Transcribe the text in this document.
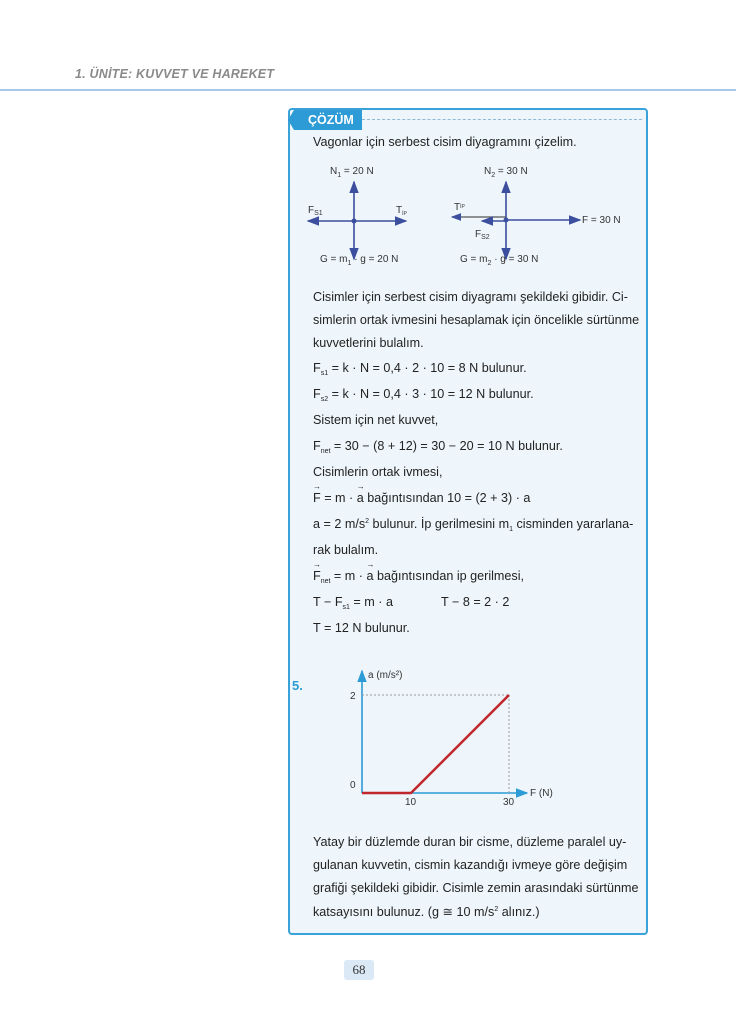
1. ÜNİTE: KUVVET VE HAREKET
ÇÖZÜM
Vagonlar için serbest cisim diyagramını çizelim.
$N_1 = 20$ N
$F_{S1}$	$T_{İP}$
$G = m_1 \cdot g = 20$ N
$N_2 = 30$ N
$T^{İP}$
$F_{S2}$
F = 30 N
$G = m_2 \cdot g = 30$ N
Cisimler için serbest cisim diyagramı şekildeki gibidir. Ci-
simlerin ortak ivmesini hesaplamak için öncelikle sürtünme
kuvvetlerini bulalım.
$F_{s1} = k \cdot N = 0,4 \cdot 2 \cdot 10 = 8$ N bulunur.
$F_{s2} = k \cdot N = 0,4 \cdot 3 \cdot 10 = 12$ N bulunur.
Sistem için net kuvvet,
$F_{net} = 30 - (8 + 12) = 30 - 20 = 10$ N bulunur.
Cisimlerin ortak ivmesi,
→ F = m · → a bağıntısından 10 = (2 + 3) · a
a = 2 $m/s^2$ bulunur. İp gerilmesini $m_1$ cisminden yararlana-
rak bulalım.
→ $F_{net} = m$ · → a bağıntısından ip gerilmesi,
$T - F_{s1} = m \cdot a$	T − 8 = 2 · 2
T = 12 N bulunur.
5.
a (m/s²)
F (N)
0
2
10	30
Yatay bir düzlemde duran bir cisme, düzleme paralel uy-
gulanan kuvvetin, cismin kazandığı ivmeye göre değişim
grafiği şekildeki gibidir. Cisimle zemin arasındaki sürtünme
katsayısını bulunuz. (g ≅ 10 $m/s^2$ alınız.)
68
